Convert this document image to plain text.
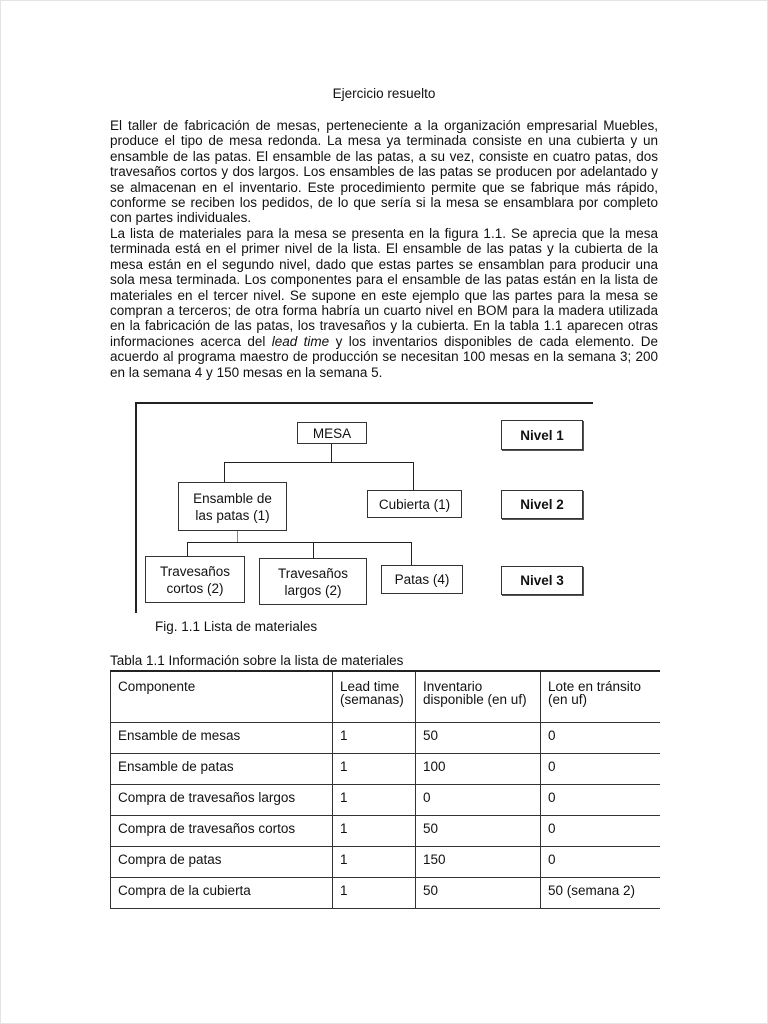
Ejercicio resuelto
El taller de fabricación de mesas, perteneciente a la organización empresarial Muebles, produce el tipo de mesa redonda. La mesa ya terminada consiste en una cubierta y un ensamble de las patas. El ensamble de las patas, a su vez, consiste en cuatro patas, dos travesaños cortos y dos largos. Los ensambles de las patas se producen por adelantado y se almacenan en el inventario. Este procedimiento permite que se fabrique más rápido, conforme se reciben los pedidos, de lo que sería si la mesa se ensamblara por completo con partes individuales.
La lista de materiales para la mesa se presenta en la figura 1.1. Se aprecia que la mesa terminada está en el primer nivel de la lista. El ensamble de las patas y la cubierta de la mesa están en el segundo nivel, dado que estas partes se ensamblan para producir una sola mesa terminada. Los componentes para el ensamble de las patas están en la lista de materiales en el tercer nivel. Se supone en este ejemplo que las partes para la mesa se compran a terceros; de otra forma habría un cuarto nivel en BOM para la madera utilizada en la fabricación de las patas, los travesaños y la cubierta. En la tabla 1.1 aparecen otras informaciones acerca del lead time y los inventarios disponibles de cada elemento. De acuerdo al programa maestro de producción se necesitan 100 mesas en la semana 3; 200 en la semana 4 y 150 mesas en la semana 5.
MESA
Ensamble de las patas (1)
Cubierta (1)
Travesaños cortos (2)
Travesaños largos (2)
Patas (4)
Nivel 1
Nivel 2
Nivel 3
Fig. 1.1 Lista de materiales
Tabla 1.1 Información sobre la lista de materiales
Componente	Lead time (semanas)	Inventario disponible (en uf)	Lote en tránsito (en uf)
Ensamble de mesas	1	50	0
Ensamble de patas	1	100	0
Compra de travesaños largos	1	0	0
Compra de travesaños cortos	1	50	0
Compra de patas	1	150	0
Compra de la cubierta	1	50	50 (semana 2)
